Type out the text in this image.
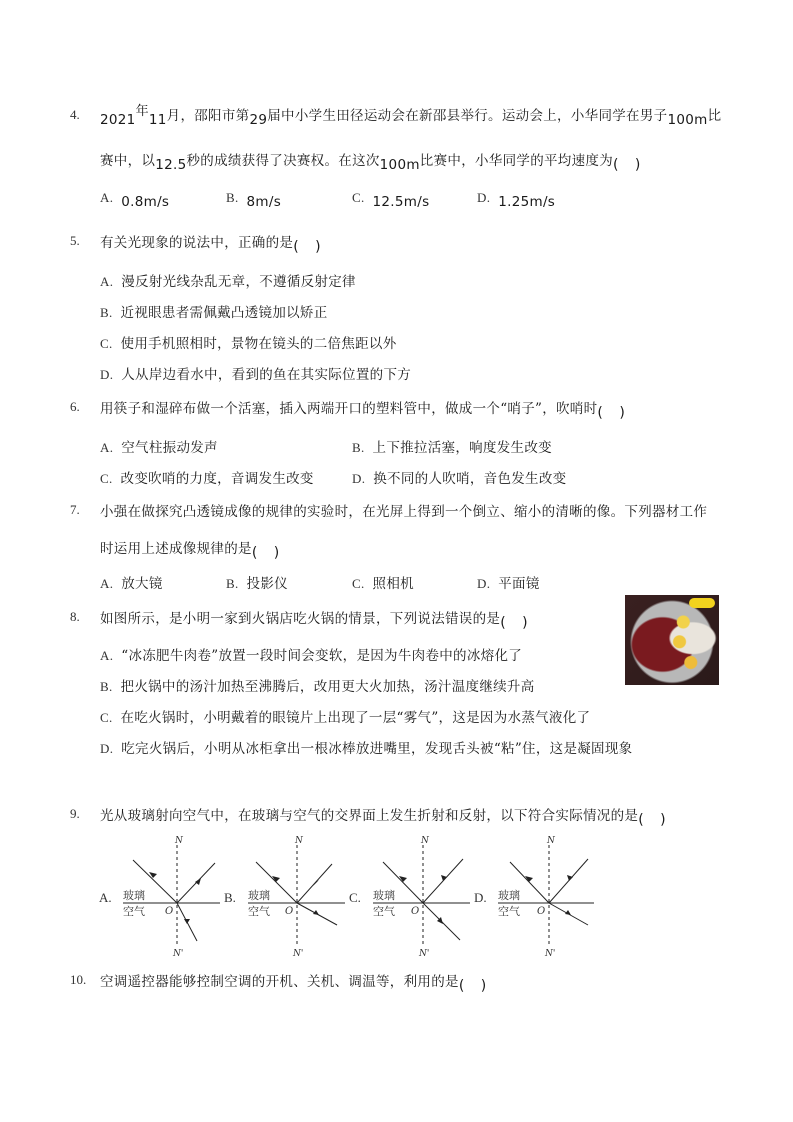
4. 2021年11月，邵阳市第29届中小学生田径运动会在新邵县举行。运动会上，小华同学在男子100m比
赛中，以12.5秒的成绩获得了决赛权。在这次100m比赛中，小华同学的平均速度为( )
A. 0.8m/s	B. 8m/s	C. 12.5m/s	D. 1.25m/s
5. 有关光现象的说法中，正确的是( )
A. 漫反射光线杂乱无章，不遵循反射定律
B. 近视眼患者需佩戴凸透镜加以矫正
C. 使用手机照相时，景物在镜头的二倍焦距以外
D. 人从岸边看水中，看到的鱼在其实际位置的下方
6. 用筷子和湿碎布做一个活塞，插入两端开口的塑料管中，做成一个“哨子”，吹哨时( )
A. 空气柱振动发声	B. 上下推拉活塞，响度发生改变
C. 改变吹哨的力度，音调发生改变	D. 换不同的人吹哨，音色发生改变
7. 小强在做探究凸透镜成像的规律的实验时，在光屏上得到一个倒立、缩小的清晰的像。下列器材工作
时运用上述成像规律的是( )
A. 放大镜	B. 投影仪	C. 照相机	D. 平面镜
8. 如图所示，是小明一家到火锅店吃火锅的情景，下列说法错误的是( )
A. “冰冻肥牛肉卷”放置一段时间会变软，是因为牛肉卷中的冰熔化了
B. 把火锅中的汤汁加热至沸腾后，改用更大火加热，汤汁温度继续升高
C. 在吃火锅时，小明戴着的眼镜片上出现了一层“雾气”，这是因为水蒸气液化了
D. 吃完火锅后，小明从冰柜拿出一根冰棒放进嘴里，发现舌头被“粘”住，这是凝固现象
9. 光从玻璃射向空气中，在玻璃与空气的交界面上发生折射和反射，以下符合实际情况的是( )
A.
N
N'
O
玻璃
空气
B.
N
N'
O
玻璃
空气
C.
N
N'
O
玻璃
空气
D.
N
N'
O
玻璃
空气
10. 空调遥控器能够控制空调的开机、关机、调温等，利用的是( )
